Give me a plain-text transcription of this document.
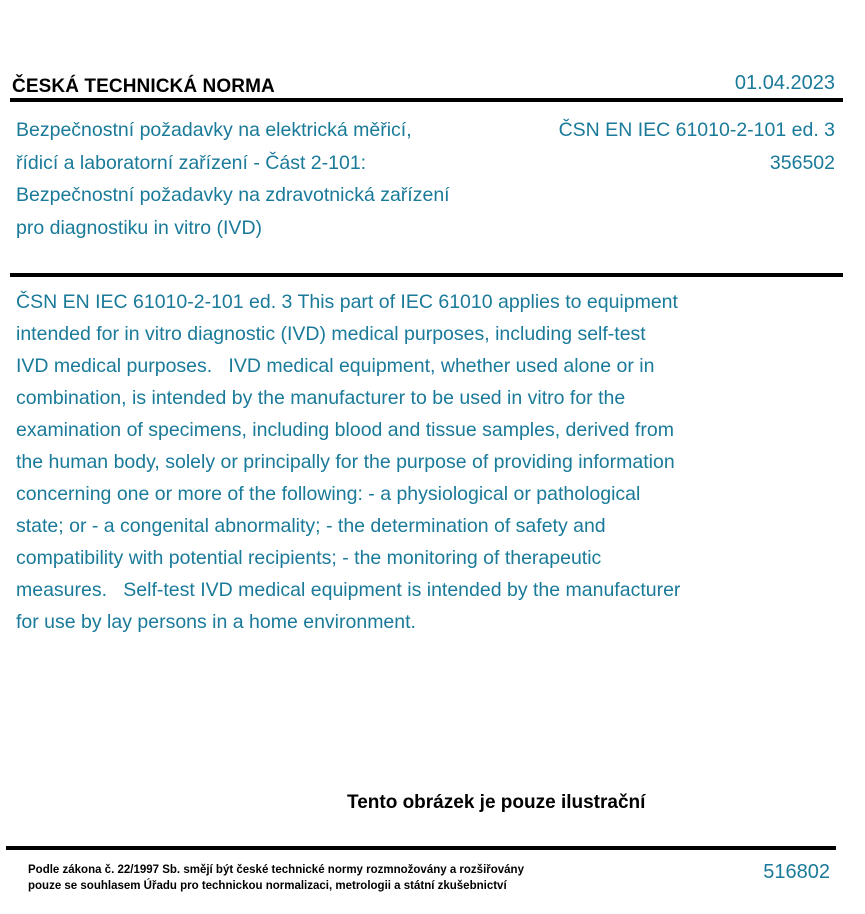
ČESKÁ TECHNICKÁ NORMA	01.04.2023
Bezpečnostní požadavky na elektrická měřicí,
řídicí a laboratorní zařízení - Část 2-101:
Bezpečnostní požadavky na zdravotnická zařízení
pro diagnostiku in vitro (IVD)
ČSN EN IEC 61010-2-101 ed. 3
356502
ČSN EN IEC 61010-2-101 ed. 3 This part of IEC 61010 applies to equipment
intended for in vitro diagnostic (IVD) medical purposes, including self-test
IVD medical purposes.   IVD medical equipment, whether used alone or in
combination, is intended by the manufacturer to be used in vitro for the
examination of specimens, including blood and tissue samples, derived from
the human body, solely or principally for the purpose of providing information
concerning one or more of the following: - a physiological or pathological
state; or - a congenital abnormality; - the determination of safety and
compatibility with potential recipients; - the monitoring of therapeutic
measures.   Self-test IVD medical equipment is intended by the manufacturer
for use by lay persons in a home environment.
Tento obrázek je pouze ilustrační
Podle zákona č. 22/1997 Sb. smějí být české technické normy rozmnožovány a rozšiřovány
pouze se souhlasem Úřadu pro technickou normalizaci, metrologii a státní zkušebnictví
516802
